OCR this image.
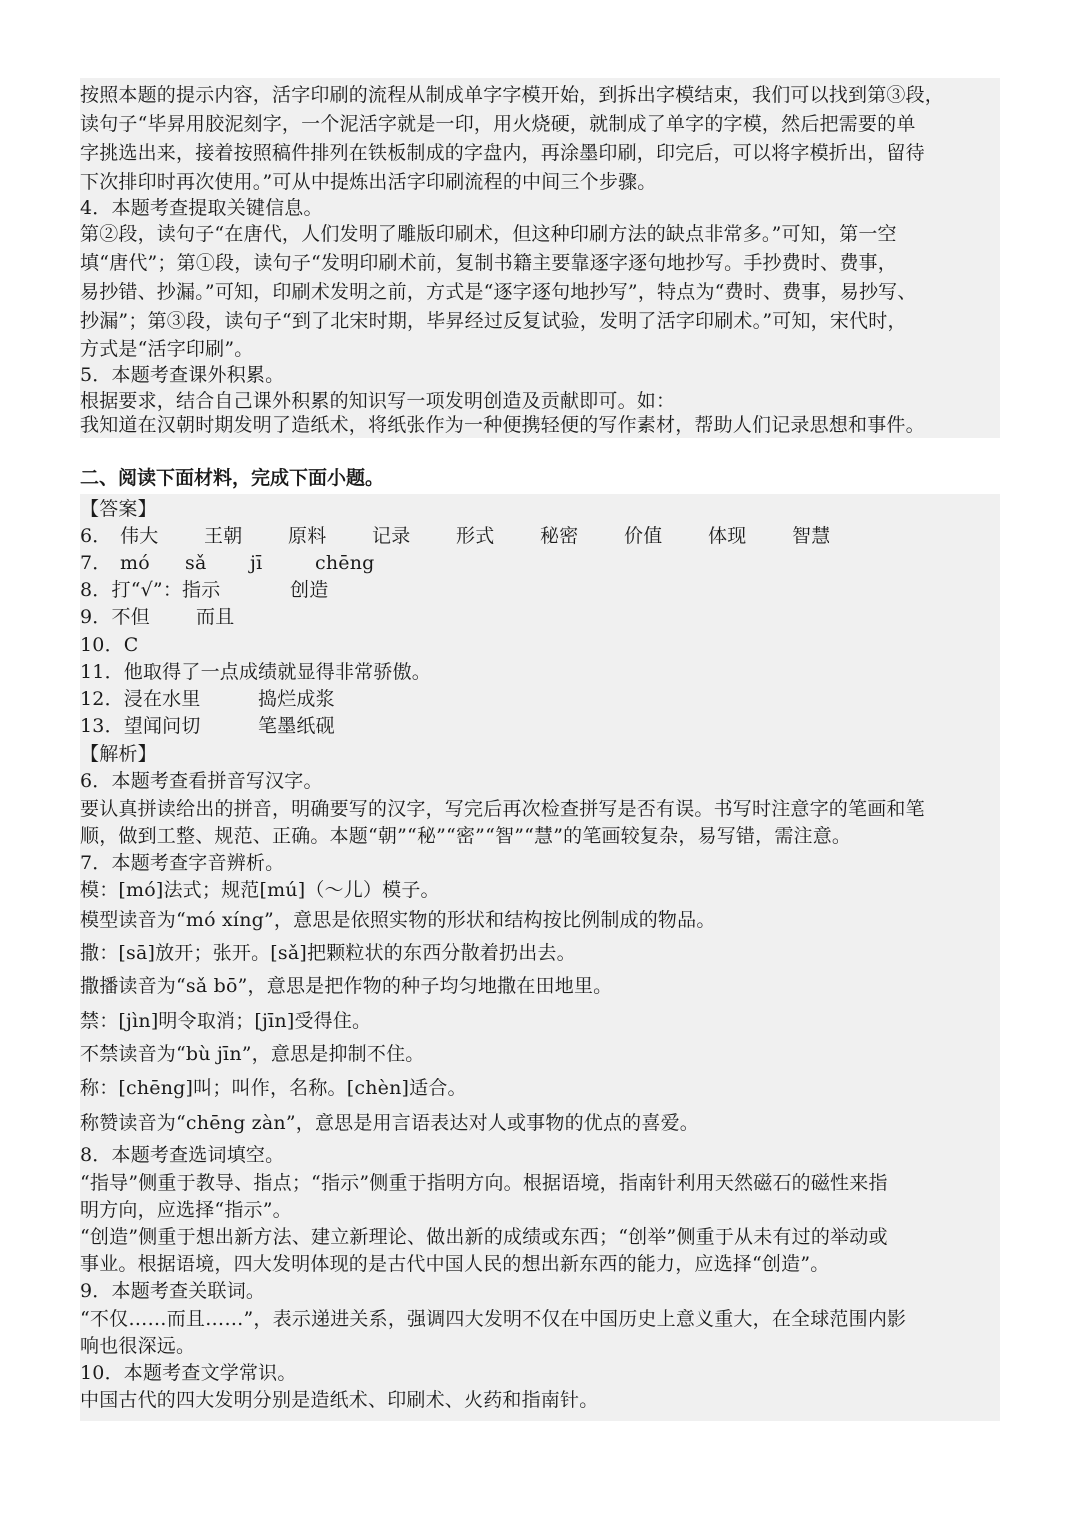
按照本题的提示内容，活字印刷的流程从制成单字字模开始，到拆出字模结束，我们可以找到第③段，
读句子“毕昇用胶泥刻字，一个泥活字就是一印，用火烧硬，就制成了单字的字模，然后把需要的单
字挑选出来，接着按照稿件排列在铁板制成的字盘内，再涂墨印刷，印完后，可以将字模折出，留待
下次排印时再次使用。”可从中提炼出活字印刷流程的中间三个步骤。
4．本题考查提取关键信息。
第②段，读句子“在唐代，人们发明了雕版印刷术，但这种印刷方法的缺点非常多。”可知，第一空
填“唐代”；第①段，读句子“发明印刷术前，复制书籍主要靠逐字逐句地抄写。手抄费时、费事，
易抄错、抄漏。”可知，印刷术发明之前，方式是“逐字逐句地抄写”，特点为“费时、费事，易抄写、
抄漏”；第③段，读句子“到了北宋时期，毕昇经过反复试验，发明了活字印刷术。”可知，宋代时，
方式是“活字印刷”。
5．本题考查课外积累。
根据要求，结合自己课外积累的知识写一项发明创造及贡献即可。如：
我知道在汉朝时期发明了造纸术，将纸张作为一种便携轻便的写作素材，帮助人们记录思想和事件。
二、阅读下面材料，完成下面小题。
【答案】
6． 伟大	王朝	原料	记录	形式	秘密	价值	体现	智慧
7． mó	sǎ	jī	chēng
8．打“√”：指示	创造
9．不但	而且
10．C
11．他取得了一点成绩就显得非常骄傲。
12．浸在水里	捣烂成浆
13．望闻问切	笔墨纸砚
【解析】
6．本题考查看拼音写汉字。
要认真拼读给出的拼音，明确要写的汉字，写完后再次检查拼写是否有误。书写时注意字的笔画和笔
顺，做到工整、规范、正确。本题“朝”“秘”“密”“智”“慧”的笔画较复杂，易写错，需注意。
7．本题考查字音辨析。
模：[mó]法式；规范[mú]（～儿）模子。
模型读音为“mó xíng”，意思是依照实物的形状和结构按比例制成的物品。
撒：[sā]放开；张开。[sǎ]把颗粒状的东西分散着扔出去。
撒播读音为“sǎ bō”，意思是把作物的种子均匀地撒在田地里。
禁：[jìn]明令取消；[jīn]受得住。
不禁读音为“bù jīn”，意思是抑制不住。
称：[chēng]叫；叫作，名称。[chèn]适合。
称赞读音为“chēng zàn”，意思是用言语表达对人或事物的优点的喜爱。
8．本题考查选词填空。
“指导”侧重于教导、指点；“指示”侧重于指明方向。根据语境，指南针利用天然磁石的磁性来指
明方向，应选择“指示”。
“创造”侧重于想出新方法、建立新理论、做出新的成绩或东西；“创举”侧重于从未有过的举动或
事业。根据语境，四大发明体现的是古代中国人民的想出新东西的能力，应选择“创造”。
9．本题考查关联词。
“不仅……而且……”，表示递进关系，强调四大发明不仅在中国历史上意义重大，在全球范围内影
响也很深远。
10．本题考查文学常识。
中国古代的四大发明分别是造纸术、印刷术、火药和指南针。
